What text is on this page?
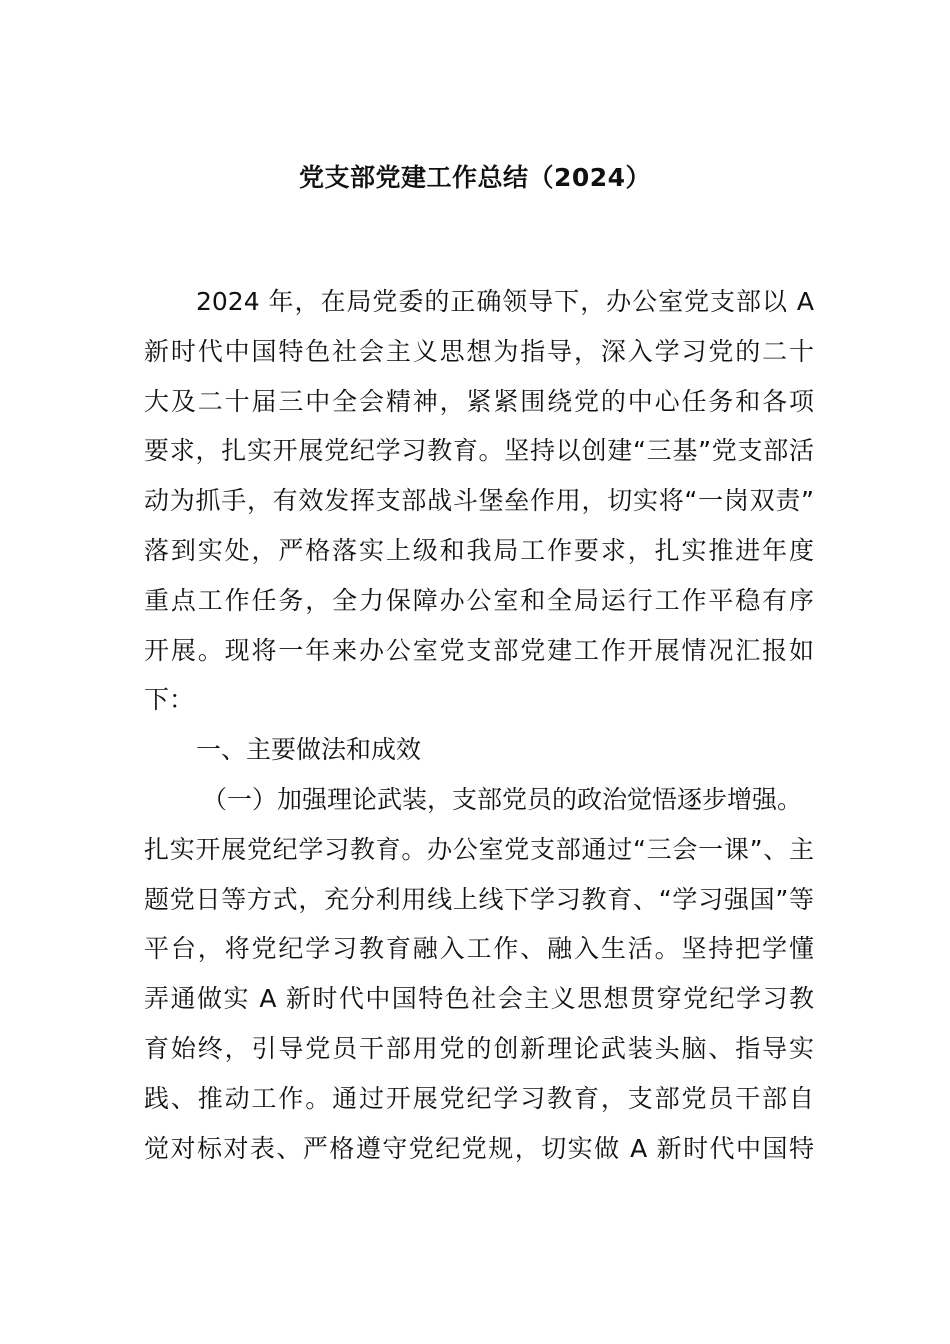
党支部党建工作总结（2024）
2024 年，在局党委的正确领导下，办公室党支部以 A
新时代中国特色社会主义思想为指导，深入学习党的二十
大及二十届三中全会精神，紧紧围绕党的中心任务和各项
要求，扎实开展党纪学习教育。坚持以创建“三基”党支部活
动为抓手，有效发挥支部战斗堡垒作用，切实将“一岗双责”
落到实处，严格落实上级和我局工作要求，扎实推进年度
重点工作任务，全力保障办公室和全局运行工作平稳有序
开展。现将一年来办公室党支部党建工作开展情况汇报如
下：
一、主要做法和成效
（一）加强理论武装，支部党员的政治觉悟逐步增强。
扎实开展党纪学习教育。办公室党支部通过“三会一课”、主
题党日等方式，充分利用线上线下学习教育、“学习强国”等
平台，将党纪学习教育融入工作、融入生活。坚持把学懂
弄通做实 A 新时代中国特色社会主义思想贯穿党纪学习教
育始终，引导党员干部用党的创新理论武装头脑、指导实
践、推动工作。通过开展党纪学习教育，支部党员干部自
觉对标对表、严格遵守党纪党规，切实做 A 新时代中国特
